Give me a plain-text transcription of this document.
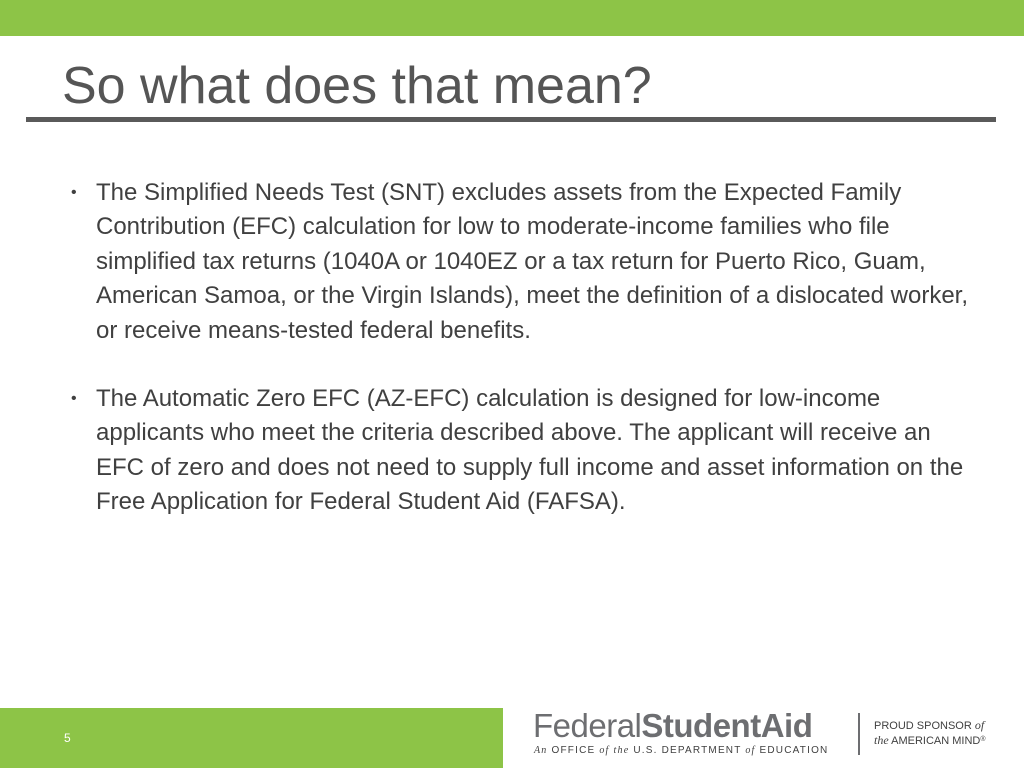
So what does that mean?
• The Simplified Needs Test (SNT) excludes assets from the Expected Family Contribution (EFC) calculation for low to moderate-income families who file simplified tax returns (1040A or 1040EZ or a tax return for Puerto Rico, Guam, American Samoa, or the Virgin Islands), meet the definition of a dislocated worker, or receive means-tested federal benefits.
• The Automatic Zero EFC (AZ-EFC) calculation is designed for low-income applicants who meet the criteria described above. The applicant will receive an EFC of zero and does not need to supply full income and asset information on the Free Application for Federal Student Aid (FAFSA).
5	FederalStudentAid
An OFFICE of the U.S. DEPARTMENT of EDUCATION
PROUD SPONSOR of
the AMERICAN MIND®
